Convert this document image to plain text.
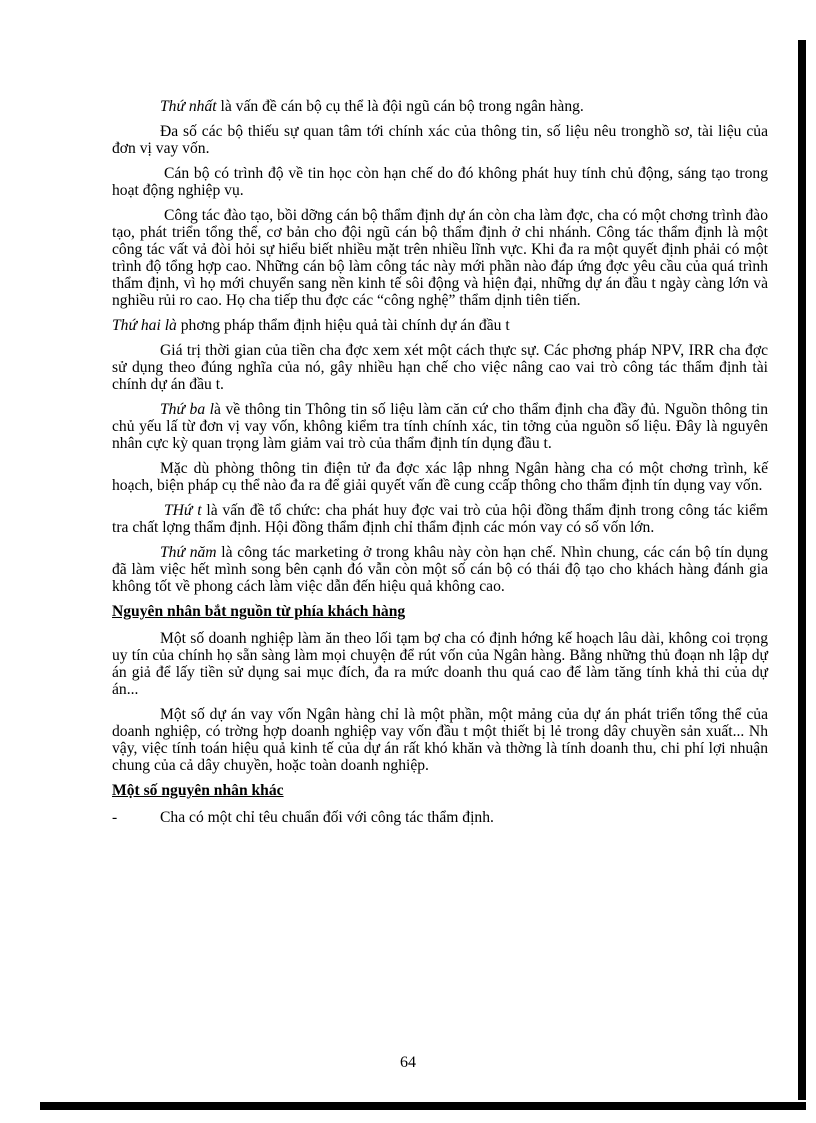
Thứ nhất là vấn đề cán bộ cụ thể là đội ngũ cán bộ trong ngân hàng.

Đa số các bộ thiếu sự quan tâm tới chính xác của thông tin, số liệu nêu tronghồ sơ, tài liệu của đơn vị vay vốn.

Cán bộ có trình độ về tin học còn hạn chế do đó không phát huy tính chủ động, sáng tạo trong hoạt động nghiệp vụ.

Công tác đào tạo, bồi dỡng cán bộ thẩm định dự án còn cha làm đợc, cha có một chơng trình đào tạo, phát triển tổng thể, cơ bản cho đội ngũ cán bộ thẩm định ở chi nhánh. Công tác thẩm định là một công tác vất vả đòi hỏi sự hiểu biết nhiều mặt trên nhiều lĩnh vực. Khi đa ra một quyết định phải có một trình độ tổng hợp cao. Những cán bộ làm công tác này mới phần nào đáp ứng đợc yêu cầu của quá trình thẩm định, vì họ mới chuyển sang nền kinh tế sôi động và hiện đại, những dự án đầu t ngày càng lớn và nghiều rủi ro cao. Họ cha tiếp thu đợc các “công nghệ” thẩm dịnh tiên tiến.

Thứ hai là phơng pháp thẩm định hiệu quả tài chính dự án đầu t

Giá trị thời gian của tiền cha đợc xem xét một cách thực sự. Các phơng pháp NPV, IRR cha đợc sử dụng theo đúng nghĩa của nó, gây nhiều hạn chế cho việc nâng cao vai trò công tác thẩm định tài chính dự án đầu t.

Thứ ba là về thông tin Thông tin số liệu làm căn cứ cho thẩm định cha đầy đủ. Nguồn thông tin chủ yếu lấ từ đơn vị vay vốn, không kiểm tra tính chính xác, tin tởng của nguồn số liệu. Đây là nguyên nhân cực kỳ quan trọng làm giảm vai trò của thẩm định tín dụng đầu t.

Mặc dù phòng thông tin điện tử đa đợc xác lập nhng Ngân hàng cha có một chơng trình, kế hoạch, biện pháp cụ thể nào đa ra để giải quyết vấn đề cung ccấp thông cho thẩm định tín dụng vay vốn.

THứ t là vấn đề tổ chức: cha phát huy đợc vai trò của hội đồng thẩm định trong công tác kiểm tra chất lợng thẩm định. Hội đồng thẩm định chỉ thẩm định các món vay có số vốn lớn.

Thứ năm là công tác marketing ở trong khâu này còn hạn chế. Nhìn chung, các cán bộ tín dụng đã làm việc hết mình song bên cạnh đó vẫn còn một số cán bộ có thái độ tạo cho khách hàng đánh gia không tốt về phong cách làm việc dẫn đến hiệu quả không cao.

Nguyên nhân bắt nguồn từ phía khách hàng

Một số doanh nghiệp làm ăn theo lối tạm bợ cha có định hớng kế hoạch lâu dài, không coi trọng uy tín của chính họ sẵn sàng làm mọi chuyện để rút vốn của Ngân hàng. Bằng những thủ đoạn nh lập dự án giả để lấy tiền sử dụng sai mục đích, đa ra mức doanh thu quá cao để làm tăng tính khả thi của dự án...

Một số dự án vay vốn Ngân hàng chỉ là một phần, một mảng của dự án phát triển tổng thể của doanh nghiệp, có trờng hợp doanh nghiệp vay vốn đầu t một thiết bị lẻ trong dây chuyền sản xuất... Nh vậy, việc tính toán hiệu quả kinh tế của dự án rất khó khăn và thờng là tính doanh thu, chi phí lợi nhuận chung của cả dây chuyền, hoặc toàn doanh nghiệp.

Một số nguyên nhân khác
-	Cha có một chỉ têu chuẩn đối với công tác thẩm định.
64
